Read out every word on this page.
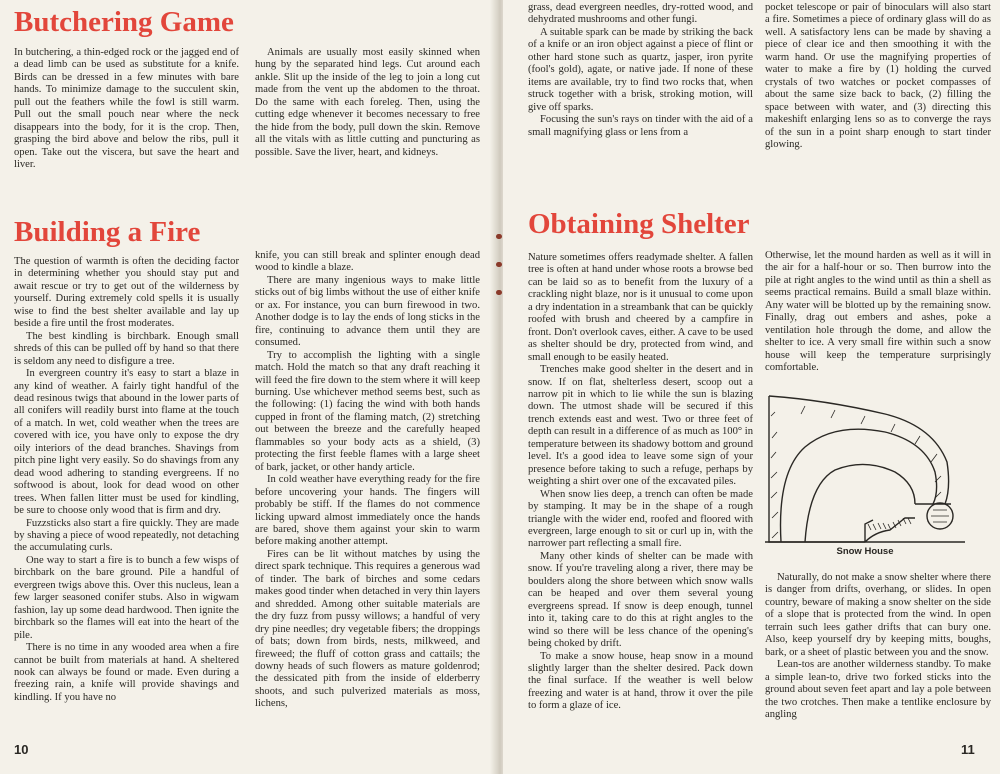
Butchering Game

In butchering, a thin-edged rock or the jagged end of a dead limb can be used as substitute for a knife. Birds can be dressed in a few minutes with bare hands. To minimize damage to the succulent skin, pull out the feathers while the fowl is still warm. Pull out the small pouch near where the neck disappears into the body, for it is the crop. Then, grasping the bird above and below the ribs, pull it open. Take out the viscera, but save the heart and liver.

Animals are usually most easily skinned when hung by the separated hind legs. Cut around each ankle. Slit up the inside of the leg to join a long cut made from the vent up the abdomen to the throat. Do the same with each foreleg. Then, using the cutting edge whenever it becomes necessary to free the hide from the body, pull down the skin. Remove all the vitals with as little cutting and puncturing as possible. Save the liver, heart, and kidneys.

Building a Fire

The question of warmth is often the deciding factor in determining whether you should stay put and await rescue or try to get out of the wilderness by yourself. During extremely cold spells it is usually wise to find the best shelter available and lay up beside a fire until the frost moderates.

The best kindling is birchbark. Enough small shreds of this can be pulled off by hand so that there is seldom any need to disfigure a tree.

In evergreen country it's easy to start a blaze in any kind of weather. A fairly tight handful of the dead resinous twigs that abound in the lower parts of all conifers will readily burst into flame at the touch of a match. In wet, cold weather when the trees are covered with ice, you have only to expose the dry oily interiors of the dead branches. Shavings from pitch pine light very easily. So do shavings from any dead wood adhering to standing evergreens. If no softwood is about, look for dead wood on other trees. When fallen litter must be used for kindling, be sure to choose only wood that is firm and dry.

Fuzzsticks also start a fire quickly. They are made by shaving a piece of wood repeatedly, not detaching the accumulating curls.

One way to start a fire is to bunch a few wisps of birchbark on the bare ground. Pile a handful of evergreen twigs above this. Over this nucleus, lean a few larger seasoned conifer stubs. Also in wigwam fashion, lay up some dead hardwood. Then ignite the birchbark so the flames will eat into the heart of the pile.

There is no time in any wooded area when a fire cannot be built from materials at hand. A sheltered nook can always be found or made. Even during a freezing rain, a knife will provide shavings and kindling. If you have no

knife, you can still break and splinter enough dead wood to kindle a blaze.

There are many ingenious ways to make little sticks out of big limbs without the use of either knife or ax. For instance, you can burn firewood in two. Another dodge is to lay the ends of long sticks in the fire, continuing to advance them until they are consumed.

Try to accomplish the lighting with a single match. Hold the match so that any draft reaching it will feed the fire down to the stem where it will keep burning. Use whichever method seems best, such as the following: (1) facing the wind with both hands cupped in front of the flaming match, (2) stretching out between the breeze and the carefully heaped flammables so your body acts as a shield, (3) protecting the first feeble flames with a large sheet of bark, jacket, or other handy article.

In cold weather have everything ready for the fire before uncovering your hands. The fingers will probably be stiff. If the flames do not commence licking upward almost immediately once the hands are bared, shove them against your skin to warm before making another attempt.

Fires can be lit without matches by using the direct spark technique. This requires a generous wad of tinder. The bark of birches and some cedars makes good tinder when detached in very thin layers and shredded. Among other suitable materials are the dry fuzz from pussy willows; a handful of very dry pine needles; dry vegetable fibers; the droppings of bats; down from birds, nests, milkweed, and fireweed; the fluff of cotton grass and cattails; the downy heads of such flowers as mature goldenrod; the dessicated pith from the inside of elderberry shoots, and such pulverized materials as moss, lichens,

10

grass, dead evergreen needles, dry-rotted wood, and dehydrated mushrooms and other fungi.

A suitable spark can be made by striking the back of a knife or an iron object against a piece of flint or other hard stone such as quartz, jasper, iron pyrite (fool's gold), agate, or native jade. If none of these items are available, try to find two rocks that, when struck together with a brisk, stroking motion, will give off sparks.

Focusing the sun's rays on tinder with the aid of a small magnifying glass or lens from a

pocket telescope or pair of binoculars will also start a fire. Sometimes a piece of ordinary glass will do as well. A satisfactory lens can be made by shaving a piece of clear ice and then smoothing it with the warm hand. Or use the magnifying properties of water to make a fire by (1) holding the curved crystals of two watches or pocket compasses of about the same size back to back, (2) filling the space between with water, and (3) directing this makeshift enlarging lens so as to converge the rays of the sun in a point sharp enough to start tinder glowing.

Obtaining Shelter

Nature sometimes offers readymade shelter. A fallen tree is often at hand under whose roots a browse bed can be laid so as to benefit from the luxury of a crackling night blaze, nor is it unusual to come upon a dry indentation in a streambank that can be quickly roofed with brush and cheered by a campfire in front. Don't overlook caves, either. A cave to be used as shelter should be dry, protected from wind, and small enough to be easily heated.

Trenches make good shelter in the desert and in snow. If on flat, shelterless desert, scoop out a narrow pit in which to lie while the sun is blazing down. The utmost shade will be secured if this trench extends east and west. Two or three feet of depth can result in a difference of as much as 100° in temperature between its shadowy bottom and ground level. It's a good idea to leave some sign of your presence before taking to such a refuge, perhaps by weighting a shirt over one of the excavated piles.

When snow lies deep, a trench can often be made by stamping. It may be in the shape of a rough triangle with the wider end, roofed and floored with evergreen, large enough to sit or curl up in, with the narrower part reflecting a small fire.

Many other kinds of shelter can be made with snow. If you're traveling along a river, there may be boulders along the shore between which snow walls can be heaped and over them several young evergreens spread. If snow is deep enough, tunnel into it, taking care to do this at right angles to the wind so there will be less chance of the opening's being choked by drift.

To make a snow house, heap snow in a mound slightly larger than the shelter desired. Pack down the final surface. If the weather is well below freezing and water is at hand, throw it over the pile to form a glaze of ice.

Otherwise, let the mound harden as well as it will in the air for a half-hour or so. Then burrow into the pile at right angles to the wind until as thin a shell as seems practical remains. Build a small blaze within. Any water will be blotted up by the remaining snow. Finally, drag out embers and ashes, poke a ventilation hole through the dome, and allow the shelter to ice. A very small fire within such a snow house will keep the temperature surprisingly comfortable.

Naturally, do not make a snow shelter where there is danger from drifts, overhang, or slides. In open country, beware of making a snow shelter on the side of a slope that is protected from the wind. In open terrain such lees gather drifts that can bury one. Also, keep yourself dry by keeping mitts, boughs, bark, or a sheet of plastic between you and the snow.

Lean-tos are another wilderness standby. To make a simple lean-to, drive two forked sticks into the ground about seven feet apart and lay a pole between the two crotches. Then make a tentlike enclosure by angling

11
Snow House
